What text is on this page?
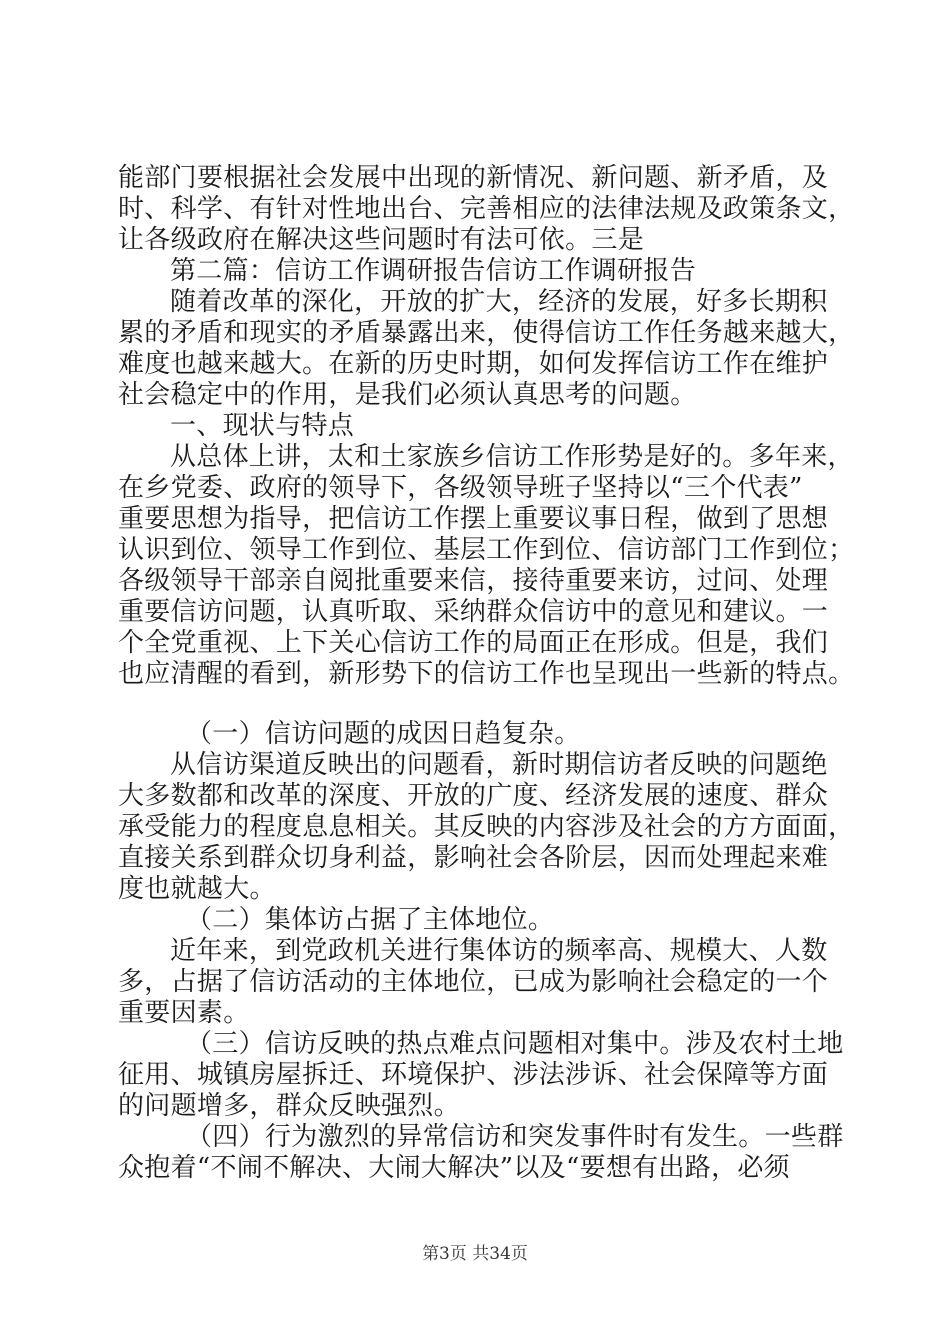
能部门要根据社会发展中出现的新情况、新问题、新矛盾，及
时、科学、有针对性地出台、完善相应的法律法规及政策条文，
让各级政府在解决这些问题时有法可依。三是
第二篇：信访工作调研报告信访工作调研报告
随着改革的深化，开放的扩大，经济的发展，好多长期积
累的矛盾和现实的矛盾暴露出来，使得信访工作任务越来越大，
难度也越来越大。在新的历史时期，如何发挥信访工作在维护
社会稳定中的作用，是我们必须认真思考的问题。
一、现状与特点
从总体上讲，太和土家族乡信访工作形势是好的。多年来，
在乡党委、政府的领导下，各级领导班子坚持以“三个代表”
重要思想为指导，把信访工作摆上重要议事日程，做到了思想
认识到位、领导工作到位、基层工作到位、信访部门工作到位；
各级领导干部亲自阅批重要来信，接待重要来访，过问、处理
重要信访问题，认真听取、采纳群众信访中的意见和建议。一
个全党重视、上下关心信访工作的局面正在形成。但是，我们
也应清醒的看到，新形势下的信访工作也呈现出一些新的特点。
（一）信访问题的成因日趋复杂。
从信访渠道反映出的问题看，新时期信访者反映的问题绝
大多数都和改革的深度、开放的广度、经济发展的速度、群众
承受能力的程度息息相关。其反映的内容涉及社会的方方面面，
直接关系到群众切身利益，影响社会各阶层，因而处理起来难
度也就越大。
（二）集体访占据了主体地位。
近年来，到党政机关进行集体访的频率高、规模大、人数
多，占据了信访活动的主体地位，已成为影响社会稳定的一个
重要因素。
（三）信访反映的热点难点问题相对集中。涉及农村土地
征用、城镇房屋拆迁、环境保护、涉法涉诉、社会保障等方面
的问题增多，群众反映强烈。
（四）行为激烈的异常信访和突发事件时有发生。一些群
众抱着“不闹不解决、大闹大解决”以及“要想有出路，必须
第3页 共34页
